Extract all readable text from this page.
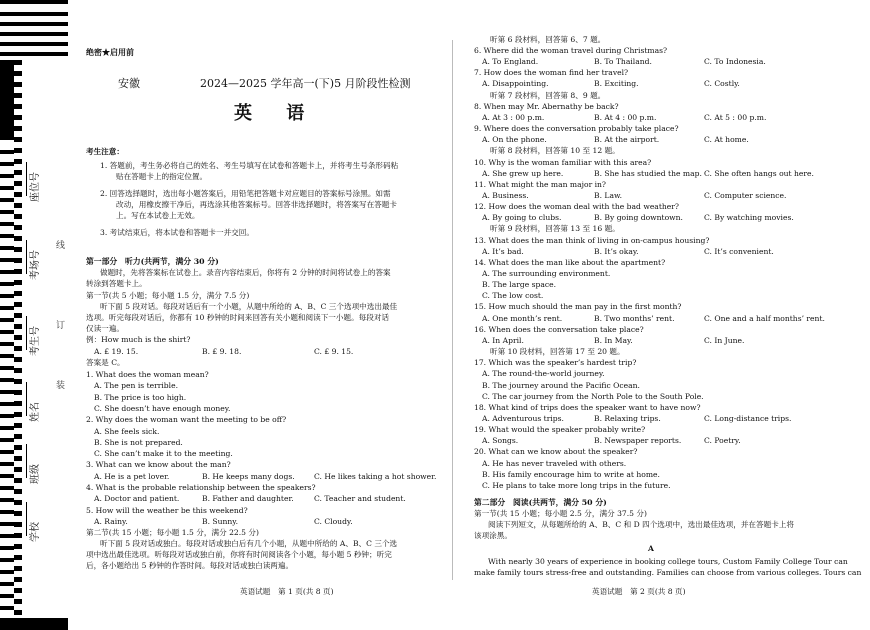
座位号
考场号
考生号
姓名
班级
学校
线
订
装
绝密★启用前
安徽	2024—2025 学年高一(下)5 月阶段性检测
英 语
考生注意：
1. 答题前，考生务必将自己的姓名、考生号填写在试卷和答题卡上，并将考生号条形码粘
贴在答题卡上的指定位置。
2. 回答选择题时，选出每小题答案后，用铅笔把答题卡对应题目的答案标号涂黑。如需
改动，用橡皮擦干净后，再选涂其他答案标号。回答非选择题时，将答案写在答题卡
上。写在本试卷上无效。
3. 考试结束后，将本试卷和答题卡一并交回。
第一部分　听力(共两节，满分 30 分)
做题时，先将答案标在试卷上。录音内容结束后，你将有 2 分钟的时间将试卷上的答案
转涂到答题卡上。
第一节(共 5 小题；每小题 1.5 分，满分 7.5 分)
听下面 5 段对话。每段对话后有一个小题，从题中所给的 A、B、C 三个选项中选出最佳
选项。听完每段对话后，你都有 10 秒钟的时间来回答有关小题和阅读下一小题。每段对话
仅读一遍。
例：How much is the shirt?
A. £ 19. 15.	B. £ 9. 18.	C. £ 9. 15.
答案是 C。
第二节(共 15 小题；每小题 1.5 分，满分 22.5 分)
听下面 5 段对话或独白。每段对话或独白后有几个小题，从题中所给的 A、B、C 三个选
项中选出最佳选项。听每段对话或独白前，你将有时间阅读各个小题，每小题 5 秒钟；听完
后，各小题给出 5 秒钟的作答时间。每段对话或独白读两遍。
1. What does the woman mean?
A. The pen is terrible.
B. The price is too high.
C. She doesn’t have enough money.
2. Why does the woman want the meeting to be off?
A. She feels sick.
B. She is not prepared.
C. She can’t make it to the meeting.
3. What can we know about the man?
A. He is a pet lover.	B. He keeps many dogs.	C. He likes taking a hot shower.
4. What is the probable relationship between the speakers?
A. Doctor and patient.	B. Father and daughter.	C. Teacher and student.
5. How will the weather be this weekend?
A. Rainy.	B. Sunny.	C. Cloudy.
英语试题　第 1 页(共 8 页)
听第 6 段材料，回答第 6、7 题。
6. Where did the woman travel during Christmas?
A. To England.	B. To Thailand.	C. To Indonesia.
7. How does the woman find her travel?
A. Disappointing.	B. Exciting.	C. Costly.
听第 7 段材料，回答第 8、9 题。
8. When may Mr. Abernathy be back?
A. At 3 : 00 p.m.	B. At 4 : 00 p.m.	C. At 5 : 00 p.m.
9. Where does the conversation probably take place?
A. On the phone.	B. At the airport.	C. At home.
听第 8 段材料，回答第 10 至 12 题。
10. Why is the woman familiar with this area?
A. She grew up here.	B. She has studied the map. C. She often hangs out here.
11. What might the man major in?
A. Business.	B. Law.	C. Computer science.
12. How does the woman deal with the bad weather?
A. By going to clubs.	B. By going downtown.	C. By watching movies.
听第 9 段材料，回答第 13 至 16 题。
13. What does the man think of living in on-campus housing?
A. It’s bad.	B. It’s okay.	C. It’s convenient.
14. What does the man like about the apartment?
A. The surrounding environment.
B. The large space.
C. The low cost.
15. How much should the man pay in the first month?
A. One month’s rent.	B. Two months’ rent.	C. One and a half months’ rent.
16. When does the conversation take place?
A. In April.	B. In May.	C. In June.
听第 10 段材料，回答第 17 至 20 题。
17. Which was the speaker’s hardest trip?
A. The round-the-world journey.
B. The journey around the Pacific Ocean.
C. The car journey from the North Pole to the South Pole.
18. What kind of trips does the speaker want to have now?
A. Adventurous trips.	B. Relaxing trips.	C. Long-distance trips.
19. What would the speaker probably write?
A. Songs.	B. Newspaper reports.	C. Poetry.
20. What can we know about the speaker?
A. He has never traveled with others.
B. His family encourage him to write at home.
C. He plans to take more long trips in the future.
第二部分　阅读(共两节，满分 50 分)
第一节(共 15 小题；每小题 2.5 分，满分 37.5 分)
阅读下列短文，从每题所给的 A、B、C 和 D 四个选项中，选出最佳选项，并在答题卡上将
该项涂黑。
A
With nearly 30 years of experience in booking college tours, Custom Family College Tour can
make family tours stress-free and outstanding. Families can choose from various colleges. Tours can
英语试题　第 2 页(共 8 页)
